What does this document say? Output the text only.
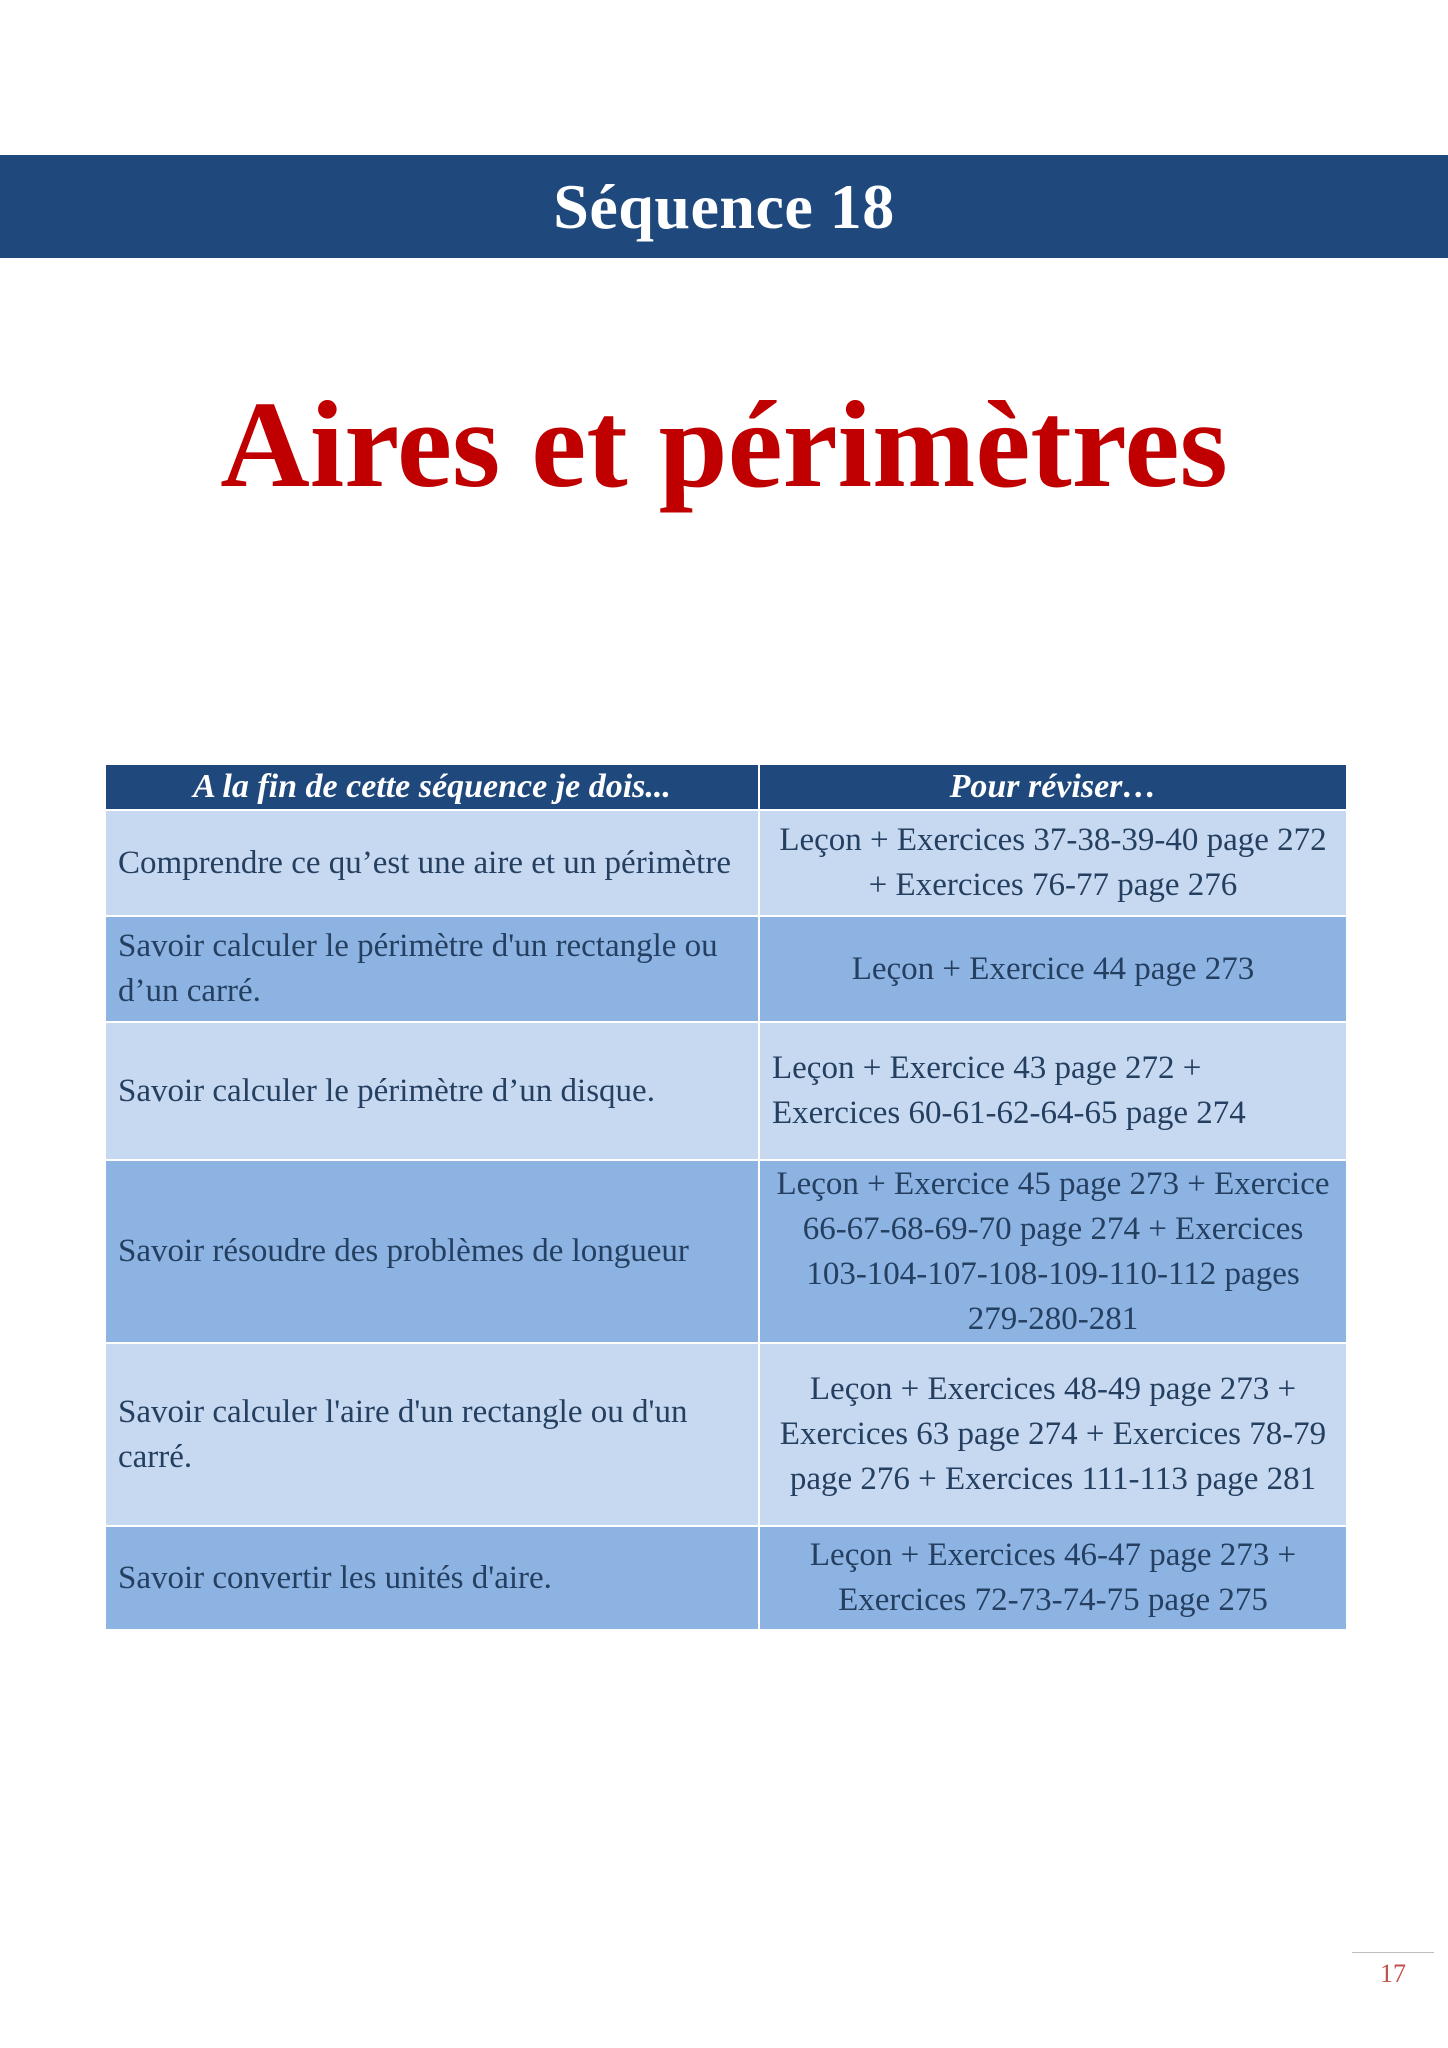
Séquence 18
Aires et périmètres
A la fin de cette séquence je dois...	Pour réviser…
Comprendre ce qu’est une aire et un périmètre	Leçon + Exercices 37-38-39-40 page 272 + Exercices 76-77 page 276
Savoir calculer le périmètre d'un rectangle ou d’un carré.	Leçon + Exercice 44 page 273
Savoir calculer le périmètre d’un disque.	Leçon + Exercice 43 page 272 + Exercices 60-61-62-64-65 page 274
Savoir résoudre des problèmes de longueur	Leçon + Exercice 45 page 273 + Exercice 66-67-68-69-70 page 274 + Exercices 103-104-107-108-109-110-112 pages 279-280-281
Savoir calculer l'aire d'un rectangle ou d'un carré.	Leçon + Exercices 48-49 page 273 + Exercices 63 page 274 + Exercices 78-79 page 276 + Exercices 111-113 page 281
Savoir convertir les unités d'aire.	Leçon + Exercices 46-47 page 273 + Exercices 72-73-74-75 page 275
17
